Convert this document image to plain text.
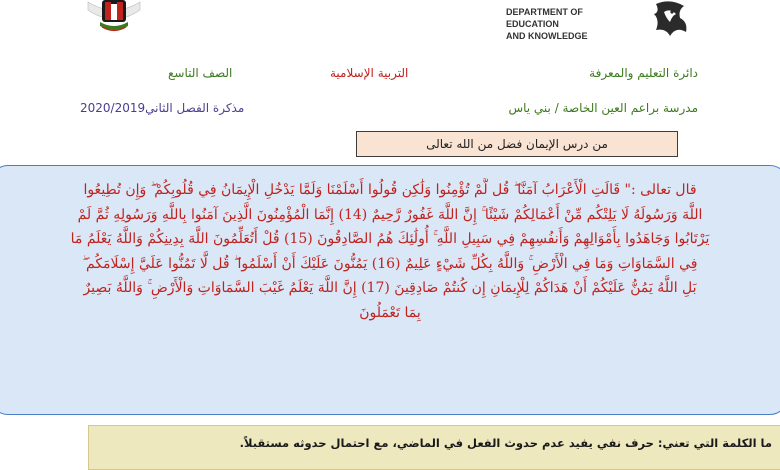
DEPARTMENT OF EDUCATION
AND KNOWLEDGE
دائرة التعليم والمعرفة
التربية الإسلامية
الصف التاسع
مدرسة براعم العين الخاصة / بني ياس
مذكرة الفصل الثاني2020/2019
من درس الإيمان فضل من الله تعالى
قال تعالى :" قَالَتِ الْأَعْرَابُ آمَنَّا ۖ قُل لَّمْ تُؤْمِنُوا وَلَٰكِن قُولُوا أَسْلَمْنَا وَلَمَّا يَدْخُلِ الْإِيمَانُ فِي قُلُوبِكُمْ ۖ وَإِن تُطِيعُوا
اللَّهَ وَرَسُولَهُ لَا يَلِتْكُم مِّنْ أَعْمَالِكُمْ شَيْئًا ۚ إِنَّ اللَّهَ غَفُورٌ رَّحِيمٌ (14) إِنَّمَا الْمُؤْمِنُونَ الَّذِينَ آمَنُوا بِاللَّهِ وَرَسُولِهِ ثُمَّ لَمْ
يَرْتَابُوا وَجَاهَدُوا بِأَمْوَالِهِمْ وَأَنفُسِهِمْ فِي سَبِيلِ اللَّهِ ۚ أُولَٰئِكَ هُمُ الصَّادِقُونَ (15) قُلْ أَتُعَلِّمُونَ اللَّهَ بِدِينِكُمْ وَاللَّهُ يَعْلَمُ مَا
فِي السَّمَاوَاتِ وَمَا فِي الْأَرْضِ ۚ وَاللَّهُ بِكُلِّ شَيْءٍ عَلِيمٌ (16) يَمُنُّونَ عَلَيْكَ أَنْ أَسْلَمُوا ۖ قُل لَّا تَمُنُّوا عَلَيَّ إِسْلَامَكُم ۖ
بَلِ اللَّهُ يَمُنُّ عَلَيْكُمْ أَنْ هَدَاكُمْ لِلْإِيمَانِ إِن كُنتُمْ صَادِقِينَ (17) إِنَّ اللَّهَ يَعْلَمُ غَيْبَ السَّمَاوَاتِ وَالْأَرْضِ ۚ وَاللَّهُ بَصِيرٌ
بِمَا تَعْمَلُونَ
ما الكلمة التي تعني: حرف نفي يفيد عدم حدوث الفعل في الماضي، مع احتمال حدوثه مستقبلاً.
